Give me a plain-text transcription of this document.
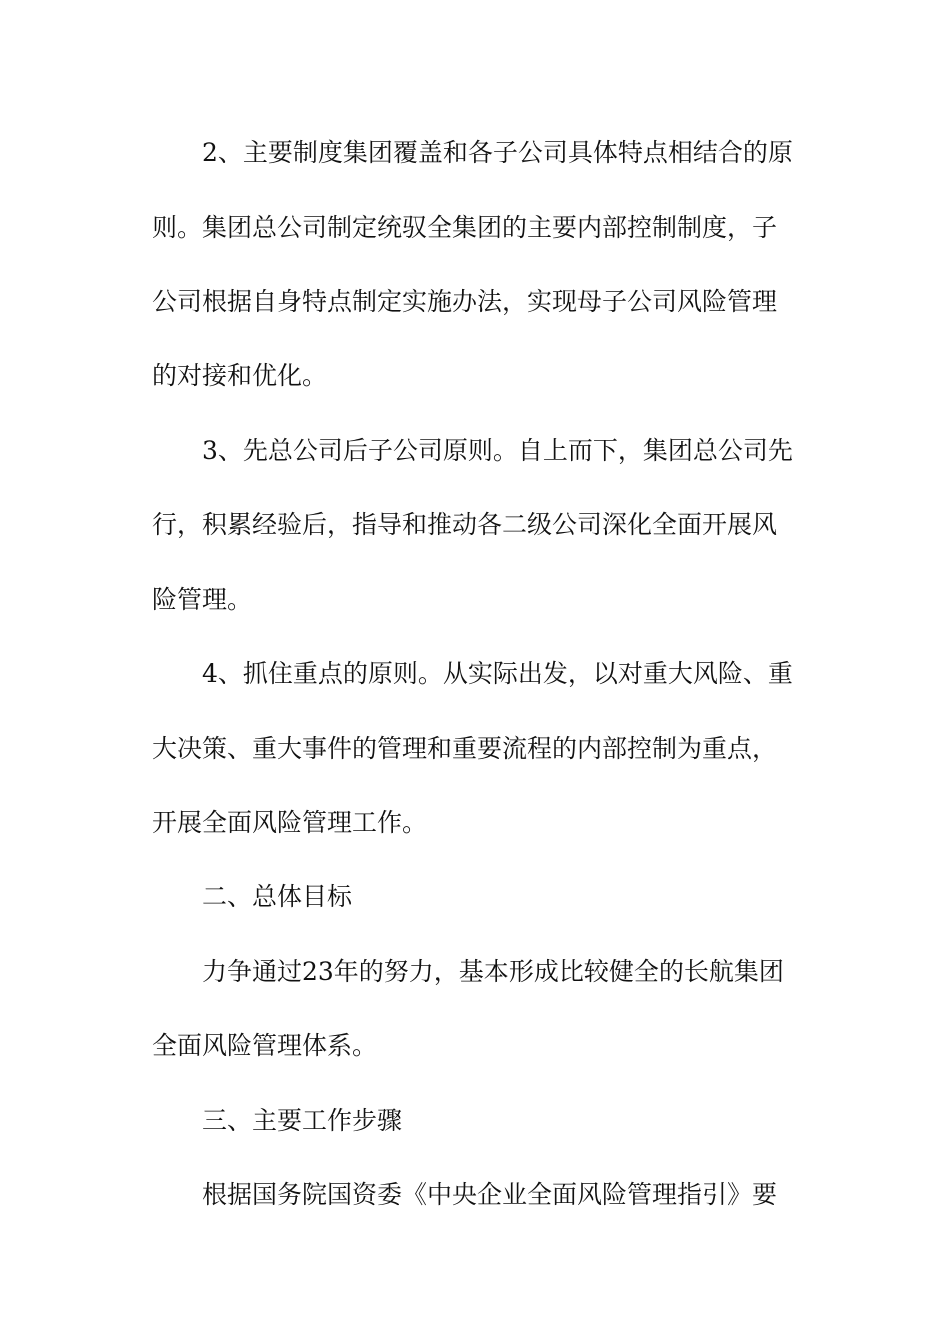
2、主要制度集团覆盖和各子公司具体特点相结合的原
则。集团总公司制定统驭全集团的主要内部控制制度，子
公司根据自身特点制定实施办法，实现母子公司风险管理
的对接和优化。
3、先总公司后子公司原则。自上而下，集团总公司先
行，积累经验后，指导和推动各二级公司深化全面开展风
险管理。
4、抓住重点的原则。从实际出发，以对重大风险、重
大决策、重大事件的管理和重要流程的内部控制为重点，
开展全面风险管理工作。
二、总体目标
力争通过23年的努力，基本形成比较健全的长航集团
全面风险管理体系。
三、主要工作步骤
根据国务院国资委《中央企业全面风险管理指引》要
